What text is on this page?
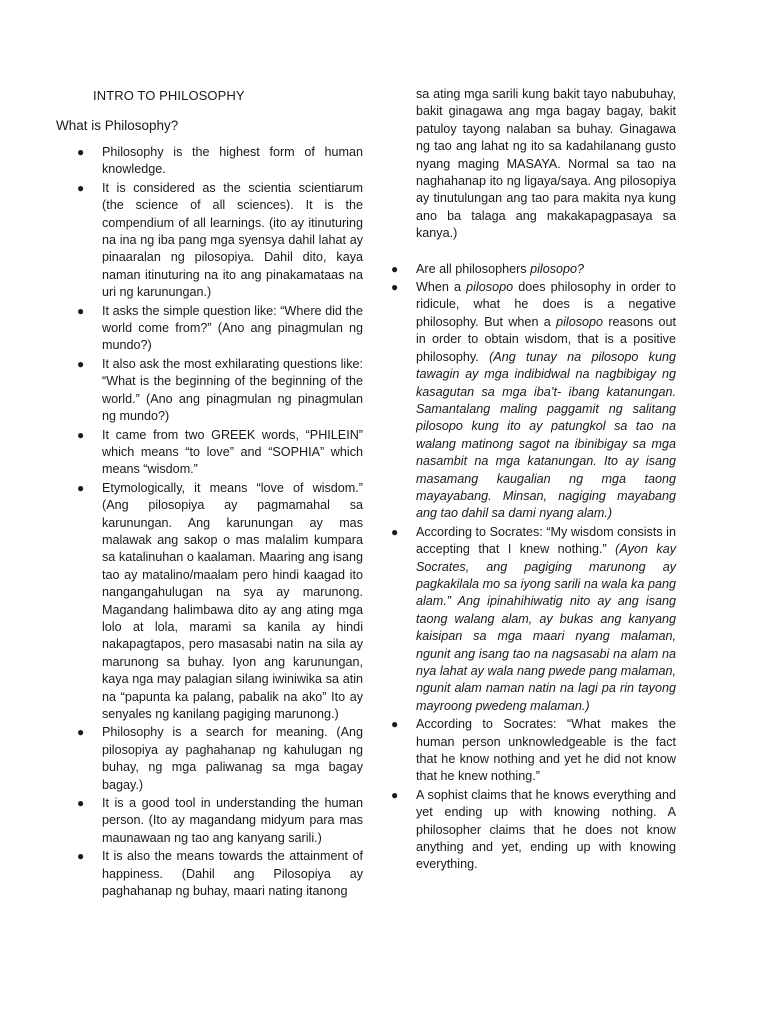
INTRO TO PHILOSOPHY
What is Philosophy?
● Philosophy is the highest form of human knowledge.
● It is considered as the scientia scientiarum (the science of all sciences). It is the compendium of all learnings. (ito ay itinuturing na ina ng iba pang mga syensya dahil lahat ay pinaaralan ng pilosopiya. Dahil dito, kaya naman itinuturing na ito ang pinakamataas na uri ng karunungan.)
● It asks the simple question like: “Where did the world come from?” (Ano ang pinagmulan ng mundo?)
● It also ask the most exhilarating questions like: “What is the beginning of the beginning of the world.” (Ano ang pinagmulan ng pinagmulan ng mundo?)
● It came from two GREEK words, “PHILEIN” which means “to love” and “SOPHIA” which means “wisdom.”
● Etymologically, it means “love of wisdom.” (Ang pilosopiya ay pagmamahal sa karunungan. Ang karunungan ay mas malawak ang sakop o mas malalim kumpara sa katalinuhan o kaalaman. Maaring ang isang tao ay matalino/maalam pero hindi kaagad ito nangangahulugan na sya ay marunong. Magandang halimbawa dito ay ang ating mga lolo at lola, marami sa kanila ay hindi nakapagtapos, pero masasabi natin na sila ay marunong sa buhay. Iyon ang karunungan, kaya nga may palagian silang iwiniwika sa atin na “papunta ka palang, pabalik na ako” Ito ay senyales ng kanilang pagiging marunong.)
● Philosophy is a search for meaning. (Ang pilosopiya ay paghahanap ng kahulugan ng buhay, ng mga paliwanag sa mga bagay bagay.)
● It is a good tool in understanding the human person. (Ito ay magandang midyum para mas maunawaan ng tao ang kanyang sarili.)
● It is also the means towards the attainment of happiness. (Dahil ang Pilosopiya ay paghahanap ng buhay, maari nating itanong
sa ating mga sarili kung bakit tayo nabubuhay, bakit ginagawa ang mga bagay bagay, bakit patuloy tayong nalaban sa buhay. Ginagawa ng tao ang lahat ng ito sa kadahilanang gusto nyang maging MASAYA. Normal sa tao na naghahanap ito ng ligaya/saya. Ang pilosopiya ay tinutulungan ang tao para makita nya kung ano ba talaga ang makakapagpasaya sa kanya.)
● Are all philosophers pilosopo?
● When a pilosopo does philosophy in order to ridicule, what he does is a negative philosophy. But when a pilosopo reasons out in order to obtain wisdom, that is a positive philosophy. (Ang tunay na pilosopo kung tawagin ay mga indibidwal na nagbibigay ng kasagutan sa mga iba’t- ibang katanungan. Samantalang maling paggamit ng salitang pilosopo kung ito ay patungkol sa tao na walang matinong sagot na ibinibigay sa mga nasambit na mga katanungan. Ito ay isang masamang kaugalian ng mga taong mayayabang. Minsan, nagiging mayabang ang tao dahil sa dami nyang alam.)
● According to Socrates: “My wisdom consists in accepting that I knew nothing.” (Ayon kay Socrates, ang pagiging marunong ay pagkakilala mo sa iyong sarili na wala ka pang alam.” Ang ipinahihiwatig nito ay ang isang taong walang alam, ay bukas ang kanyang kaisipan sa mga maari nyang malaman, ngunit ang isang tao na nagsasabi na alam na nya lahat ay wala nang pwede pang malaman, ngunit alam naman natin na lagi pa rin tayong mayroong pwedeng malaman.)
● According to Socrates: “What makes the human person unknowledgeable is the fact that he know nothing and yet he did not know that he knew nothing.”
● A sophist claims that he knows everything and yet ending up with knowing nothing. A philosopher claims that he does not know anything and yet, ending up with knowing everything.
